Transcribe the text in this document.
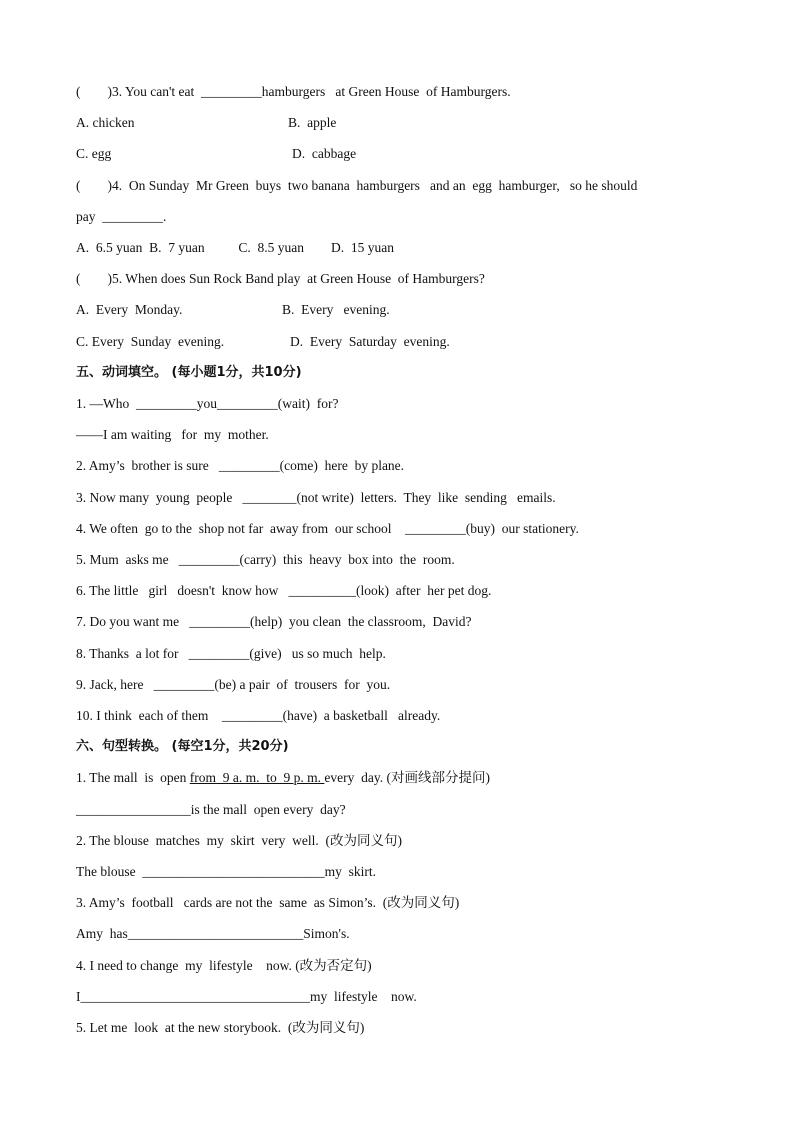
(        )3. You can't eat  _________hamburgers   at Green House  of Hamburgers.
A. chicken	B.  apple
C. egg	D.  cabbage
(        )4.  On Sunday  Mr Green  buys  two banana  hamburgers   and an  egg  hamburger,   so he should
pay  _________.
A.  6.5 yuan  B.  7 yuan          C.  8.5 yuan        D.  15 yuan
(        )5. When does Sun Rock Band play  at Green House  of Hamburgers?
A.  Every  Monday.	B.  Every   evening.
C. Every  Sunday  evening.	D.  Every  Saturday  evening.
五、动词填空。 (每小题1分，共10分)
1. —Who  _________you_________(wait)  for?
——I am waiting   for  my  mother.
2. Amy’s  brother is sure   _________(come)  here  by plane.
3. Now many  young  people   ________(not write)  letters.  They  like  sending   emails.
4. We often  go to the  shop not far  away from  our school    _________(buy)  our stationery.
5. Mum  asks me   _________(carry)  this  heavy  box into  the  room.
6. The little   girl   doesn't  know how   __________(look)  after  her pet dog.
7. Do you want me   _________(help)  you clean  the classroom,  David?
8. Thanks  a lot for   _________(give)   us so much  help.
9. Jack, here   _________(be) a pair  of  trousers  for  you.
10. I think  each of them    _________(have)  a basketball   already.
六、句型转换。 (每空1分，共20分)
1. The mall  is  open from  9 a. m.  to  9 p. m. every  day. (对画线部分提问)
_________________is the mall  open every  day?
2. The blouse  matches  my  skirt  very  well.  (改为同义句)
The blouse  ___________________________my  skirt.
3. Amy’s  football   cards are not the  same  as Simon’s.  (改为同义句)
Amy  has__________________________Simon's.
4. I need to change  my  lifestyle    now. (改为否定句)
I__________________________________my  lifestyle    now.
5. Let me  look  at the new storybook.  (改为同义句)
